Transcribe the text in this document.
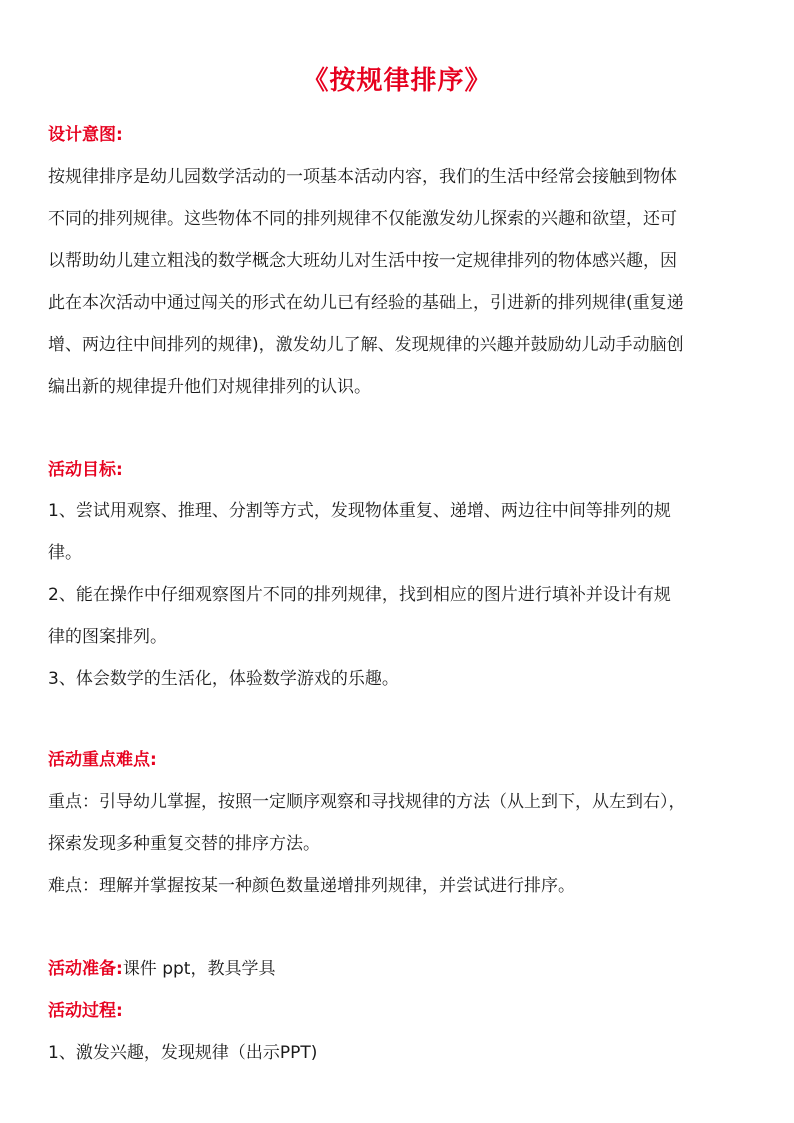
《按规律排序》
设计意图:
按规律排序是幼儿园数学活动的一项基本活动内容，我们的生活中经常会接触到物体
不同的排列规律。这些物体不同的排列规律不仅能激发幼儿探索的兴趣和欲望，还可
以帮助幼儿建立粗浅的数学概念大班幼儿对生活中按一定规律排列的物体感兴趣，因
此在本次活动中通过闯关的形式在幼儿已有经验的基础上，引进新的排列规律(重复递
增、两边往中间排列的规律)，激发幼儿了解、发现规律的兴趣并鼓励幼儿动手动脑创
编出新的规律提升他们对规律排列的认识。
活动目标:
1、尝试用观察、推理、分割等方式，发现物体重复、递增、两边往中间等排列的规
律。
2、能在操作中仔细观察图片不同的排列规律，找到相应的图片进行填补并设计有规
律的图案排列。
3、体会数学的生活化，体验数学游戏的乐趣。
活动重点难点:
重点：引导幼儿掌握，按照一定顺序观察和寻找规律的方法（从上到下，从左到右），
探索发现多种重复交替的排序方法。
难点：理解并掌握按某一种颜色数量递增排列规律，并尝试进行排序。
活动准备:课件 ppt，教具学具
活动过程:
1、激发兴趣，发现规律（出示PPT)
